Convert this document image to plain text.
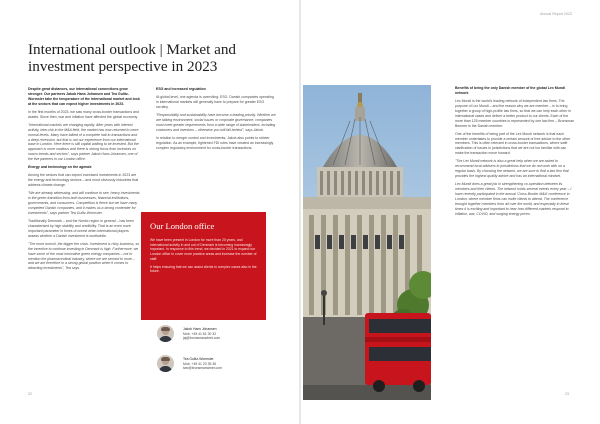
Annual Report 2023
International outlook | Market and investment perspective in 2023

Despite great distances, our international connections grow stronger. Our partners Jakob Hans Johansen and Tea Gulitz-Wormsler take the temperature of the international market and look at the sectors that can expect higher investments in 2023.

In the first months of 2023, we saw many cross-border transactions and assets. Since then, war and inflation have affected the global economy.

"International markets are changing rapidly. After years with interest activity, inter-risk in the M&A field, the market has now returned to more normal levels. Many have talked of a complete halt to transactions and a deep recession, but that is not our experience from our international base in London. Here there is still capital waiting to be invested. But the approach is more cautious and there is strong focus from investors on macro-trends and sectors", says partner Jakob Hans Johansen, one of the five partners in our London office.

Energy and technology on the agenda

Among the sectors that can expect increased investments in 2023 are the energy and technology sectors – and most obviously industries that address climate change.

"We are already witnessing, and will continue to see, heavy investments in the green transition from both businesses, financial institutions, governments, and consumers. Competition is fierce but we have many competent Danish companies, and it makes us a strong contender for investments", says partner Tea Gulitz-Wormsler.

Traditionally Denmark – and the Nordic region in general – has been characterised by high stability and credibility. That is an even more important parameter in times of unrest when international players assess whether a Danish investment is worthwhile.

"The more turmoil, the bigger the crisis. Investment is risky business, so the incentive to continue investing in Denmark is high. Furthermore, we have some of the most innovative green energy companies – not to mention the pharmaceutical industry, where we are second to none – and we are therefore in a strong global position when it comes to attracting investments", Tea says.

ESG and increased regulation

At global level, one agenda is overriding: ESG. Danish companies operating in international markets will generally have to prepare for greater ESG scrutiny.

"Responsibility and sustainability have become a leading priority. Whether we are talking environment, social issues or corporate governance, companies must meet greater requirements from a wide range of stakeholders, including customers and investors – otherwise you will fall behind", says Jakob.

In relation to merger control and investments, Jakob also points to stricter regulation. As an example, tightened FDI rules have created an increasingly complex regulatory environment for cross-border transactions.

Our London office

We have been present in London for more than 20 years, and international activity in and out of Denmark is becoming increasingly important. In response to this trend, we decided in 2021 to expand our London office to cover more practice areas and increase the number of staff.

It helps ensuring that we can assist clients in complex cases also in the future.

Jakob Hans Johansen
Mob. +45 41 61 30 32
jaj@bronsmanwinet.com
Tea Gulitz-Wormsler
Mob. +45 41 20 35 36
two@bronsmanwinet.com
22	23

Benefits of being the only Danish member of the global Lex Mundi network

Lex Mundi is the world's leading network of independent law firms. The purpose of Lex Mundi – and the reason why we are member – is to bring together a group of high-profile law firms, so that we can help each other in international cases and deliver a better product to our clients. Each of the more than 125 member countries is represented by one law firm – Bronsman Beumer is the Danish member.

One of the benefits of being part of the Lex Mundi network is that each member undertakes to provide a certain amount of free advice to the other members. This is often relevant in cross-border transactions, where swift clarification of issues in jurisdictions that we are not too familiar with can make the transaction move forward.

"The Lex Mundi network is also a great help when we are asked to recommend local advisers in jurisdictions that we do not work with on a regular basis. By choosing the network, we are sure to find a law firm that provides the highest quality advice and has an international mindset.

Lex Mundi does a great job in strengthening co-operation between its members and their clients. The network holds several events every year – I have recently participated in the annual 'Cross-Border M&A' conference in London, where member firms can invite clients to attend. The conference brought together members from all over the world, and especially in these times it is exciting and important to hear how different markets respond to inflation, war, COVID, and surging energy prices.
